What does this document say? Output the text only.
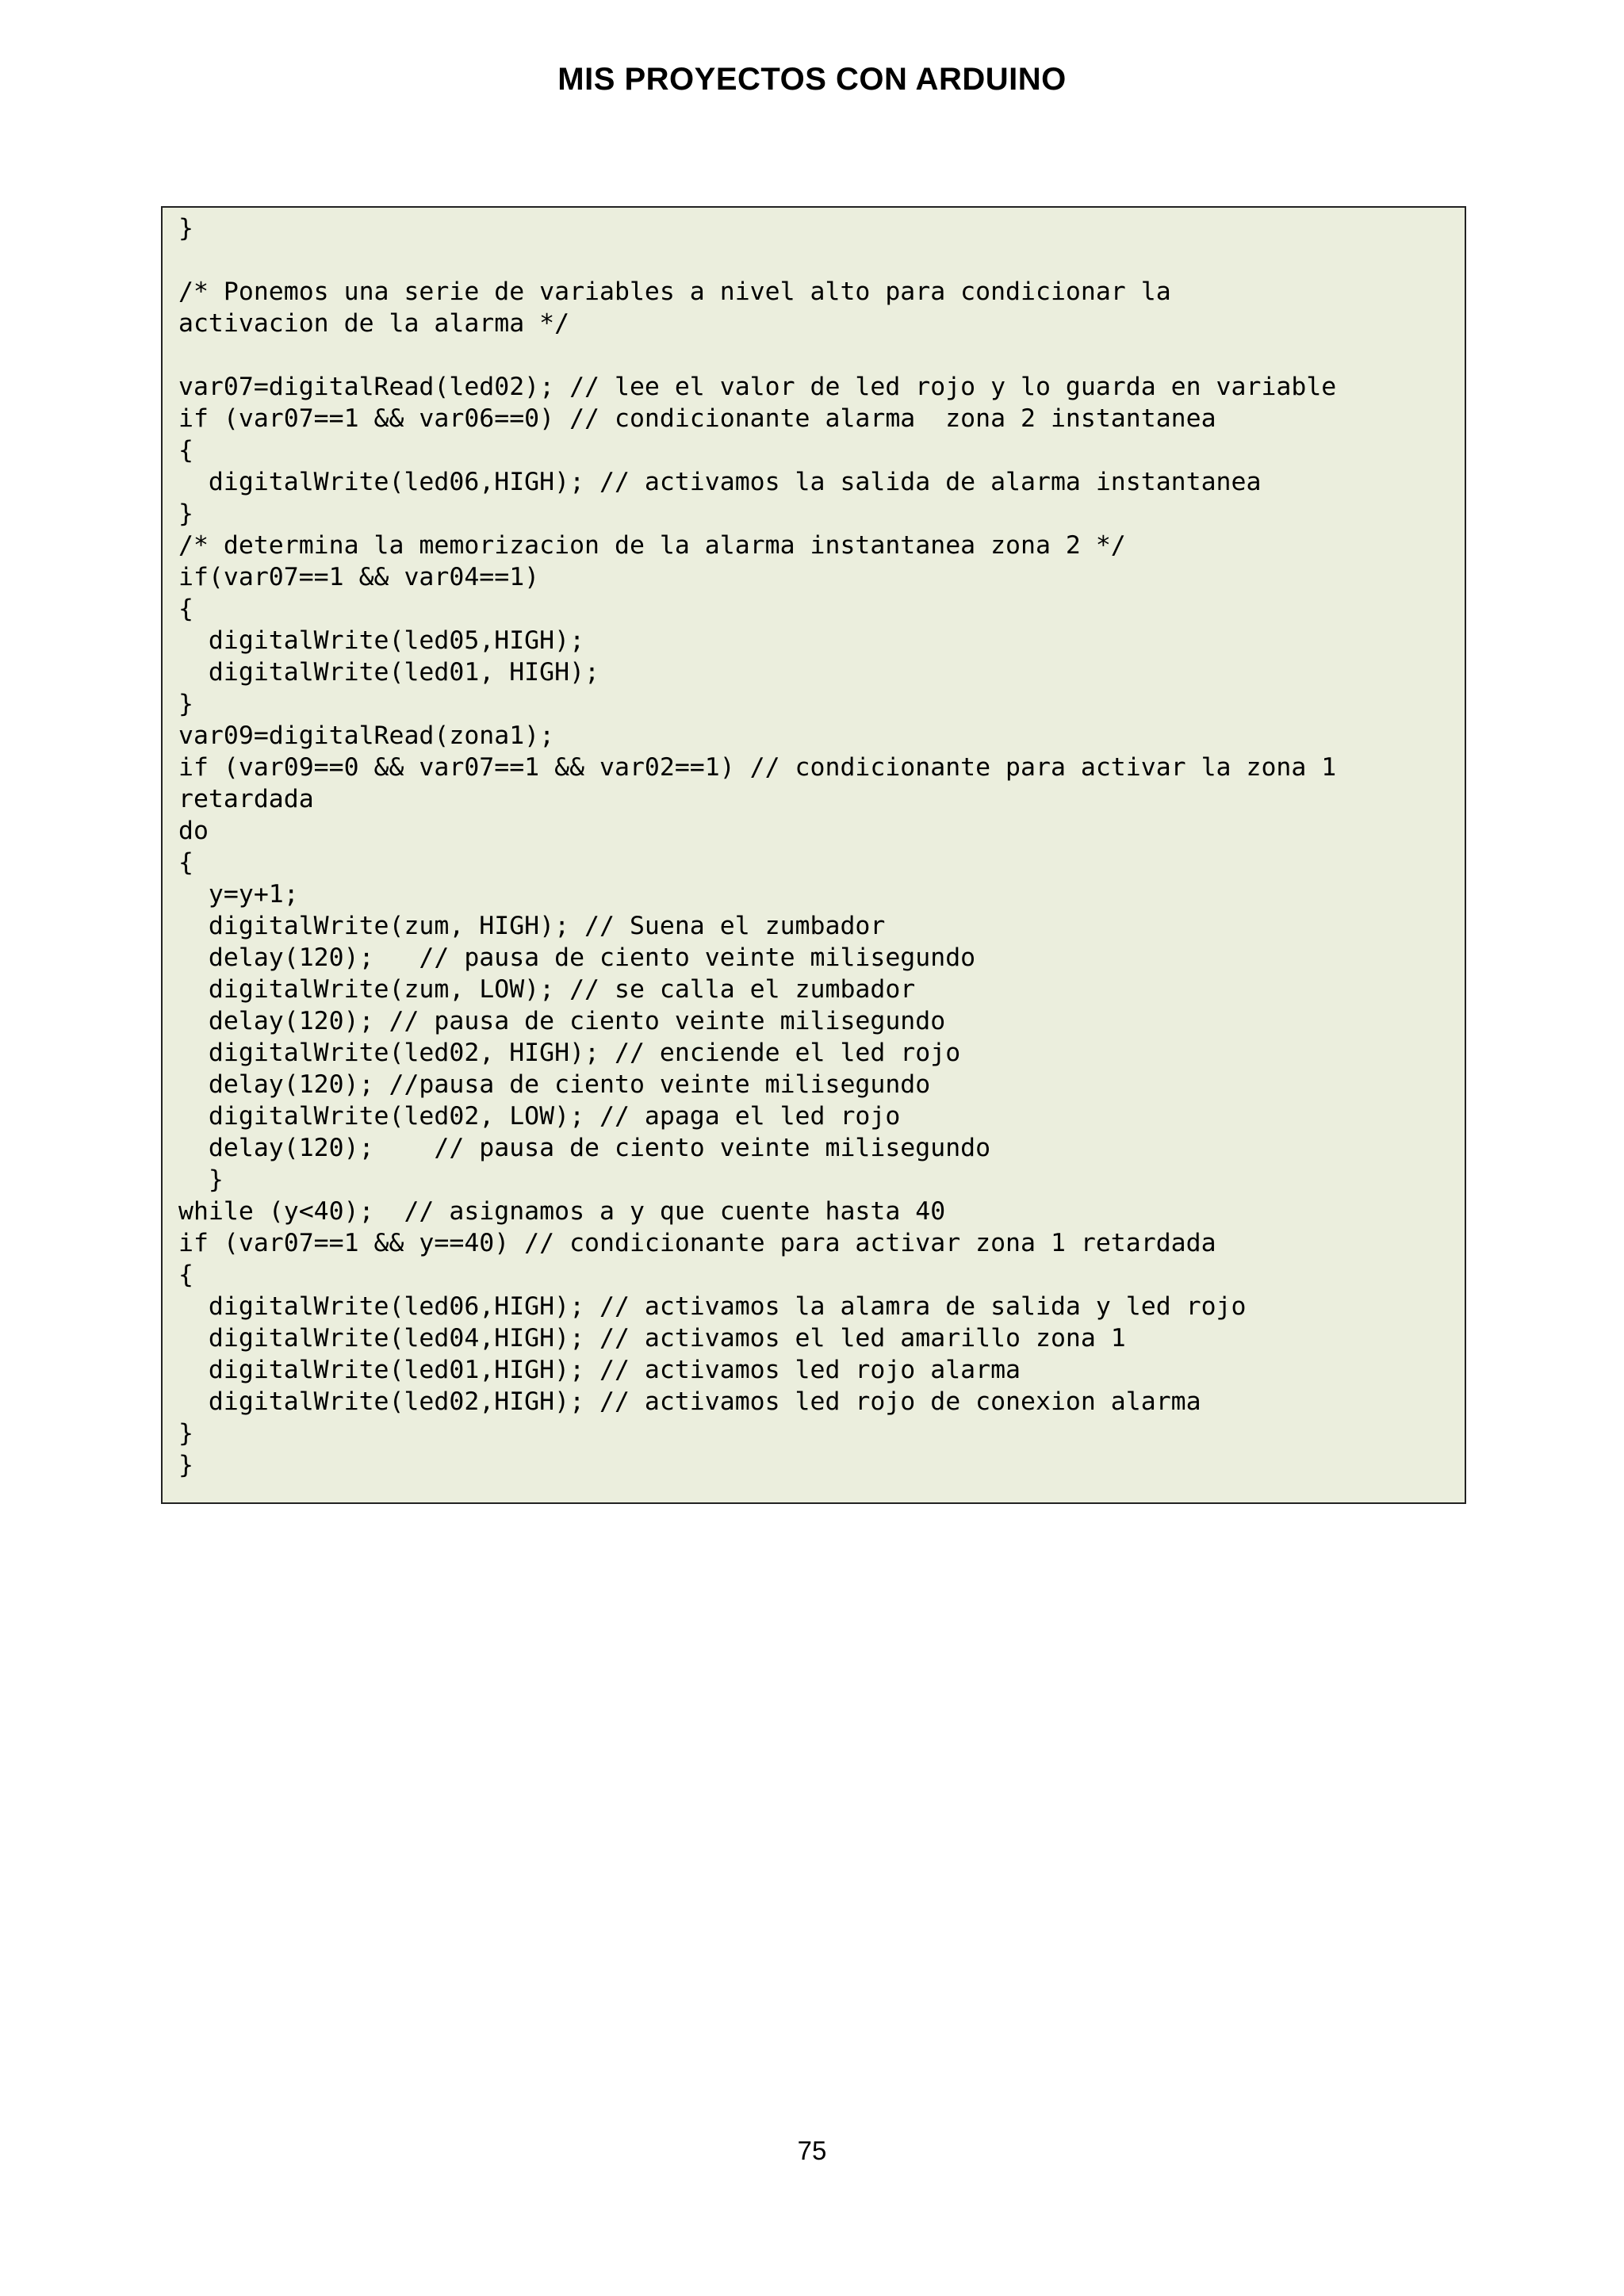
MIS PROYECTOS CON ARDUINO
}
/* Ponemos una serie de variables a nivel alto para condicionar la
activacion de la alarma */
var07=digitalRead(led02); // lee el valor de led rojo y lo guarda en variable
if (var07==1 && var06==0) // condicionante alarma  zona 2 instantanea
{
digitalWrite(led06,HIGH); // activamos la salida de alarma instantanea
}
/* determina la memorizacion de la alarma instantanea zona 2 */
if(var07==1 && var04==1)
{
digitalWrite(led05,HIGH);
digitalWrite(led01, HIGH);
}
var09=digitalRead(zona1);
if (var09==0 && var07==1 && var02==1) // condicionante para activar la zona 1
retardada
do
{
y=y+1;
digitalWrite(zum, HIGH); // Suena el zumbador
delay(120);   // pausa de ciento veinte milisegundo
digitalWrite(zum, LOW); // se calla el zumbador
delay(120); // pausa de ciento veinte milisegundo
digitalWrite(led02, HIGH); // enciende el led rojo
delay(120); //pausa de ciento veinte milisegundo
digitalWrite(led02, LOW); // apaga el led rojo
delay(120);    // pausa de ciento veinte milisegundo
}
while (y<40);  // asignamos a y que cuente hasta 40
if (var07==1 && y==40) // condicionante para activar zona 1 retardada
{
digitalWrite(led06,HIGH); // activamos la alamra de salida y led rojo
digitalWrite(led04,HIGH); // activamos el led amarillo zona 1
digitalWrite(led01,HIGH); // activamos led rojo alarma
digitalWrite(led02,HIGH); // activamos led rojo de conexion alarma
}
}
75
